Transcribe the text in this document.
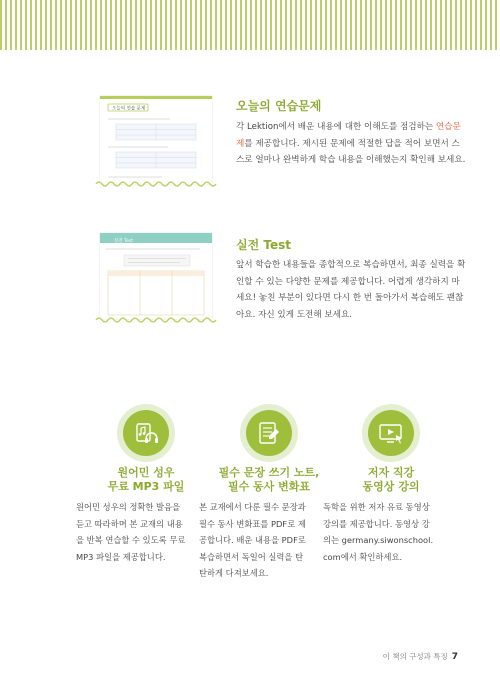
오늘의 연습 문제	오늘의 연습문제
각 Lektion에서 배운 내용에 대한 이해도를 점검하는 연습문
제를 제공합니다. 제시된 문제에 적절한 답을 적어 보면서 스
스로 얼마나 완벽하게 학습 내용을 이해했는지 확인해 보세요.
실전 Test	실전 Test
앞서 학습한 내용들을 종합적으로 복습하면서, 최종 실력을 확
인할 수 있는 다양한 문제를 제공합니다. 어렵게 생각하지 마
세요! 놓친 부분이 있다면 다시 한 번 돌아가서 복습해도 괜찮
아요. 자신 있게 도전해 보세요.
원어민 성우
무료 MP3 파일
원어민 성우의 정확한 발음을
듣고 따라하며 본 교재의 내용
을 반복 연습할 수 있도록 무료
MP3 파일을 제공합니다.
필수 문장 쓰기 노트,
필수 동사 변화표
본 교재에서 다룬 필수 문장과
필수 동사 변화표를 PDF로 제
공합니다. 배운 내용을 PDF로
복습하면서 독일어 실력을 탄
탄하게 다져보세요.
저자 직강
동영상 강의
독학을 위한 저자 유료 동영상
강의를 제공합니다. 동영상 강
의는 germany.siwonschool.
com에서 확인하세요.
이 책의 구성과 특징 7
